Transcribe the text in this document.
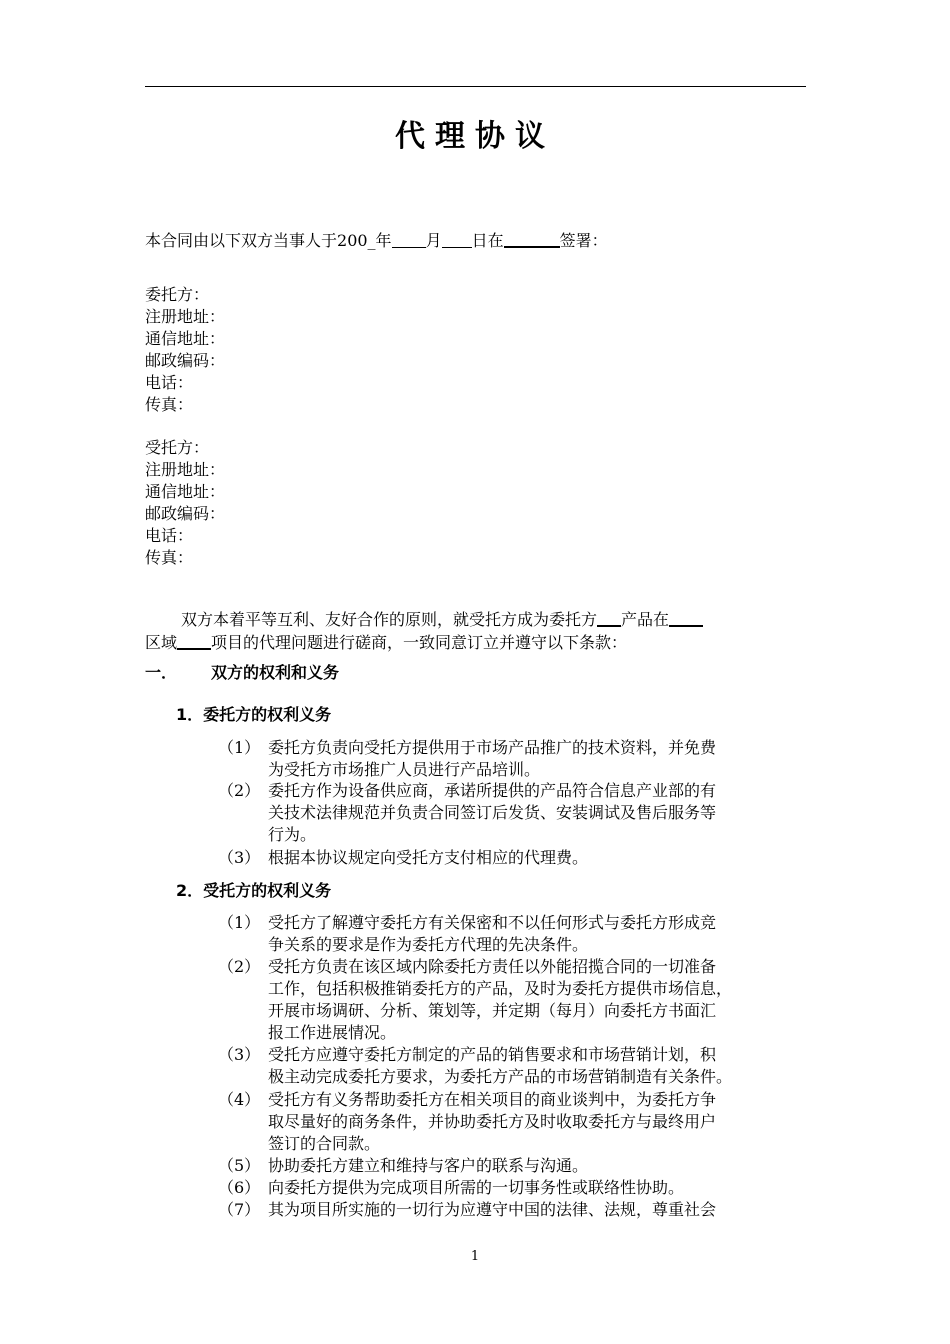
代理协议
本合同由以下双方当事人于200_年 月 日在	签署：
委托方：
注册地址：
通信地址：
邮政编码：
电话：
传真：
受托方：
注册地址：
通信地址：
邮政编码：
电话：
传真：
双方本着平等互利、友好合作的原则，就受托方成为委托方 产品在
区域 项目的代理问题进行磋商，一致同意订立并遵守以下条款：
一． 双方的权利和义务
1．委托方的权利义务
（1） 委托方负责向受托方提供用于市场产品推广的技术资料，并免费
为受托方市场推广人员进行产品培训。
（2） 委托方作为设备供应商，承诺所提供的产品符合信息产业部的有
关技术法律规范并负责合同签订后发货、安装调试及售后服务等
行为。
（3） 根据本协议规定向受托方支付相应的代理费。
2．受托方的权利义务
（1） 受托方了解遵守委托方有关保密和不以任何形式与委托方形成竞
争关系的要求是作为委托方代理的先决条件。
（2） 受托方负责在该区域内除委托方责任以外能招揽合同的一切准备
工作，包括积极推销委托方的产品，及时为委托方提供市场信息，
开展市场调研、分析、策划等，并定期（每月）向委托方书面汇
报工作进展情况。
（3） 受托方应遵守委托方制定的产品的销售要求和市场营销计划，积
极主动完成委托方要求，为委托方产品的市场营销制造有关条件。
（4） 受托方有义务帮助委托方在相关项目的商业谈判中，为委托方争
取尽量好的商务条件，并协助委托方及时收取委托方与最终用户
签订的合同款。
（5） 协助委托方建立和维持与客户的联系与沟通。
（6） 向委托方提供为完成项目所需的一切事务性或联络性协助。
（7） 其为项目所实施的一切行为应遵守中国的法律、法规，尊重社会
1
